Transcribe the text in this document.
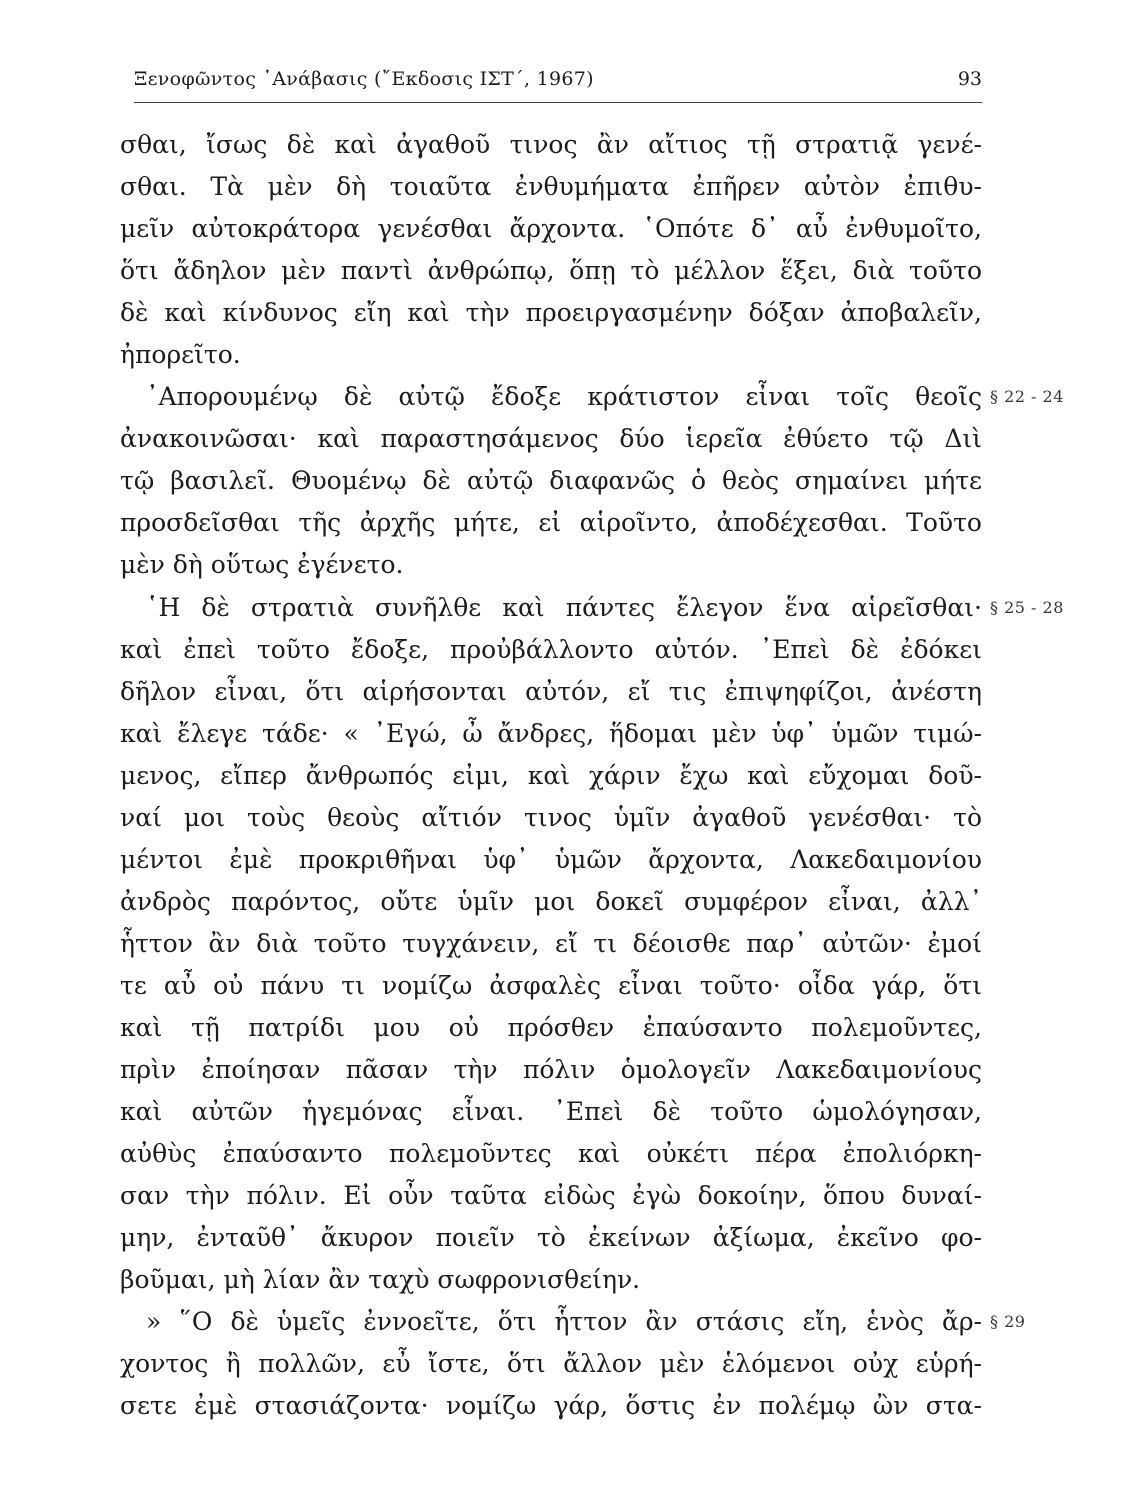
Ξενοφῶντος ᾿Ανάβασις (῎Εκδοσις ΙΣΤ΄, 1967)	93
σθαι, ἴσως δὲ καὶ ἀγαθοῦ τινος ἂν αἴτιος τῇ στρατιᾷ γενέ-
σθαι. Τὰ μὲν δὴ τοιαῦτα ἐνθυμήματα ἐπῆρεν αὐτὸν ἐπιθυ-
μεῖν αὐτοκράτορα γενέσθαι ἄρχοντα. ῾Οπότε δ᾽ αὖ ἐνθυμοῖτο,
ὅτι ἄδηλον μὲν παντὶ ἀνθρώπῳ, ὅπῃ τὸ μέλλον ἕξει, διὰ τοῦτο
δὲ καὶ κίνδυνος εἴη καὶ τὴν προειργασμένην δόξαν ἀποβαλεῖν,
ἠπορεῖτο.
᾿Απορουμένῳ δὲ αὐτῷ ἔδοξε κράτιστον εἶναι τοῖς θεοῖς § 22 - 24
ἀνακοινῶσαι· καὶ παραστησάμενος δύο ἱερεῖα ἐθύετο τῷ Διὶ
τῷ βασιλεῖ. Θυομένῳ δὲ αὐτῷ διαφανῶς ὁ θεὸς σημαίνει μήτε
προσδεῖσθαι τῆς ἀρχῆς μήτε, εἰ αἱροῖντο, ἀποδέχεσθαι. Τοῦτο
μὲν δὴ οὕτως ἐγένετο.
῾Η δὲ στρατιὰ συνῆλθε καὶ πάντες ἔλεγον ἕνα αἱρεῖσθαι· § 25 - 28
καὶ ἐπεὶ τοῦτο ἔδοξε, προὐβάλλοντο αὐτόν. ᾿Επεὶ δὲ ἐδόκει
δῆλον εἶναι, ὅτι αἱρήσονται αὐτόν, εἴ τις ἐπιψηφίζοι, ἀνέστη
καὶ ἔλεγε τάδε· « ᾿Εγώ, ὦ ἄνδρες, ἥδομαι μὲν ὑφ᾽ ὑμῶν τιμώ-
μενος, εἴπερ ἄνθρωπός εἰμι, καὶ χάριν ἔχω καὶ εὔχομαι δοῦ-
ναί μοι τοὺς θεοὺς αἴτιόν τινος ὑμῖν ἀγαθοῦ γενέσθαι· τὸ
μέντοι ἐμὲ προκριθῆναι ὑφ᾽ ὑμῶν ἄρχοντα, Λακεδαιμονίου
ἀνδρὸς παρόντος, οὔτε ὑμῖν μοι δοκεῖ συμφέρον εἶναι, ἀλλ᾽
ἧττον ἂν διὰ τοῦτο τυγχάνειν, εἴ τι δέοισθε παρ᾽ αὐτῶν· ἐμοί
τε αὖ οὐ πάνυ τι νομίζω ἀσφαλὲς εἶναι τοῦτο· οἶδα γάρ, ὅτι
καὶ τῇ πατρίδι μου οὐ πρόσθεν ἐπαύσαντο πολεμοῦντες,
πρὶν ἐποίησαν πᾶσαν τὴν πόλιν ὁμολογεῖν Λακεδαιμονίους
καὶ αὐτῶν ἡγεμόνας εἶναι. ᾿Επεὶ δὲ τοῦτο ὡμολόγησαν,
αὐθὺς ἐπαύσαντο πολεμοῦντες καὶ οὐκέτι πέρα ἐπολιόρκη-
σαν τὴν πόλιν. Εἰ οὖν ταῦτα εἰδὼς ἐγὼ δοκοίην, ὅπου δυναί-
μην, ἐνταῦθ᾽ ἄκυρον ποιεῖν τὸ ἐκείνων ἀξίωμα, ἐκεῖνο φο-
βοῦμαι, μὴ λίαν ἂν ταχὺ σωφρονισθείην.
» ῞Ο δὲ ὑμεῖς ἐννοεῖτε, ὅτι ἧττον ἂν στάσις εἴη, ἑνὸς ἄρ- § 29
χοντος ἢ πολλῶν, εὖ ἴστε, ὅτι ἄλλον μὲν ἑλόμενοι οὐχ εὑρή-
σετε ἐμὲ στασιάζοντα· νομίζω γάρ, ὅστις ἐν πολέμῳ ὢν στα-
